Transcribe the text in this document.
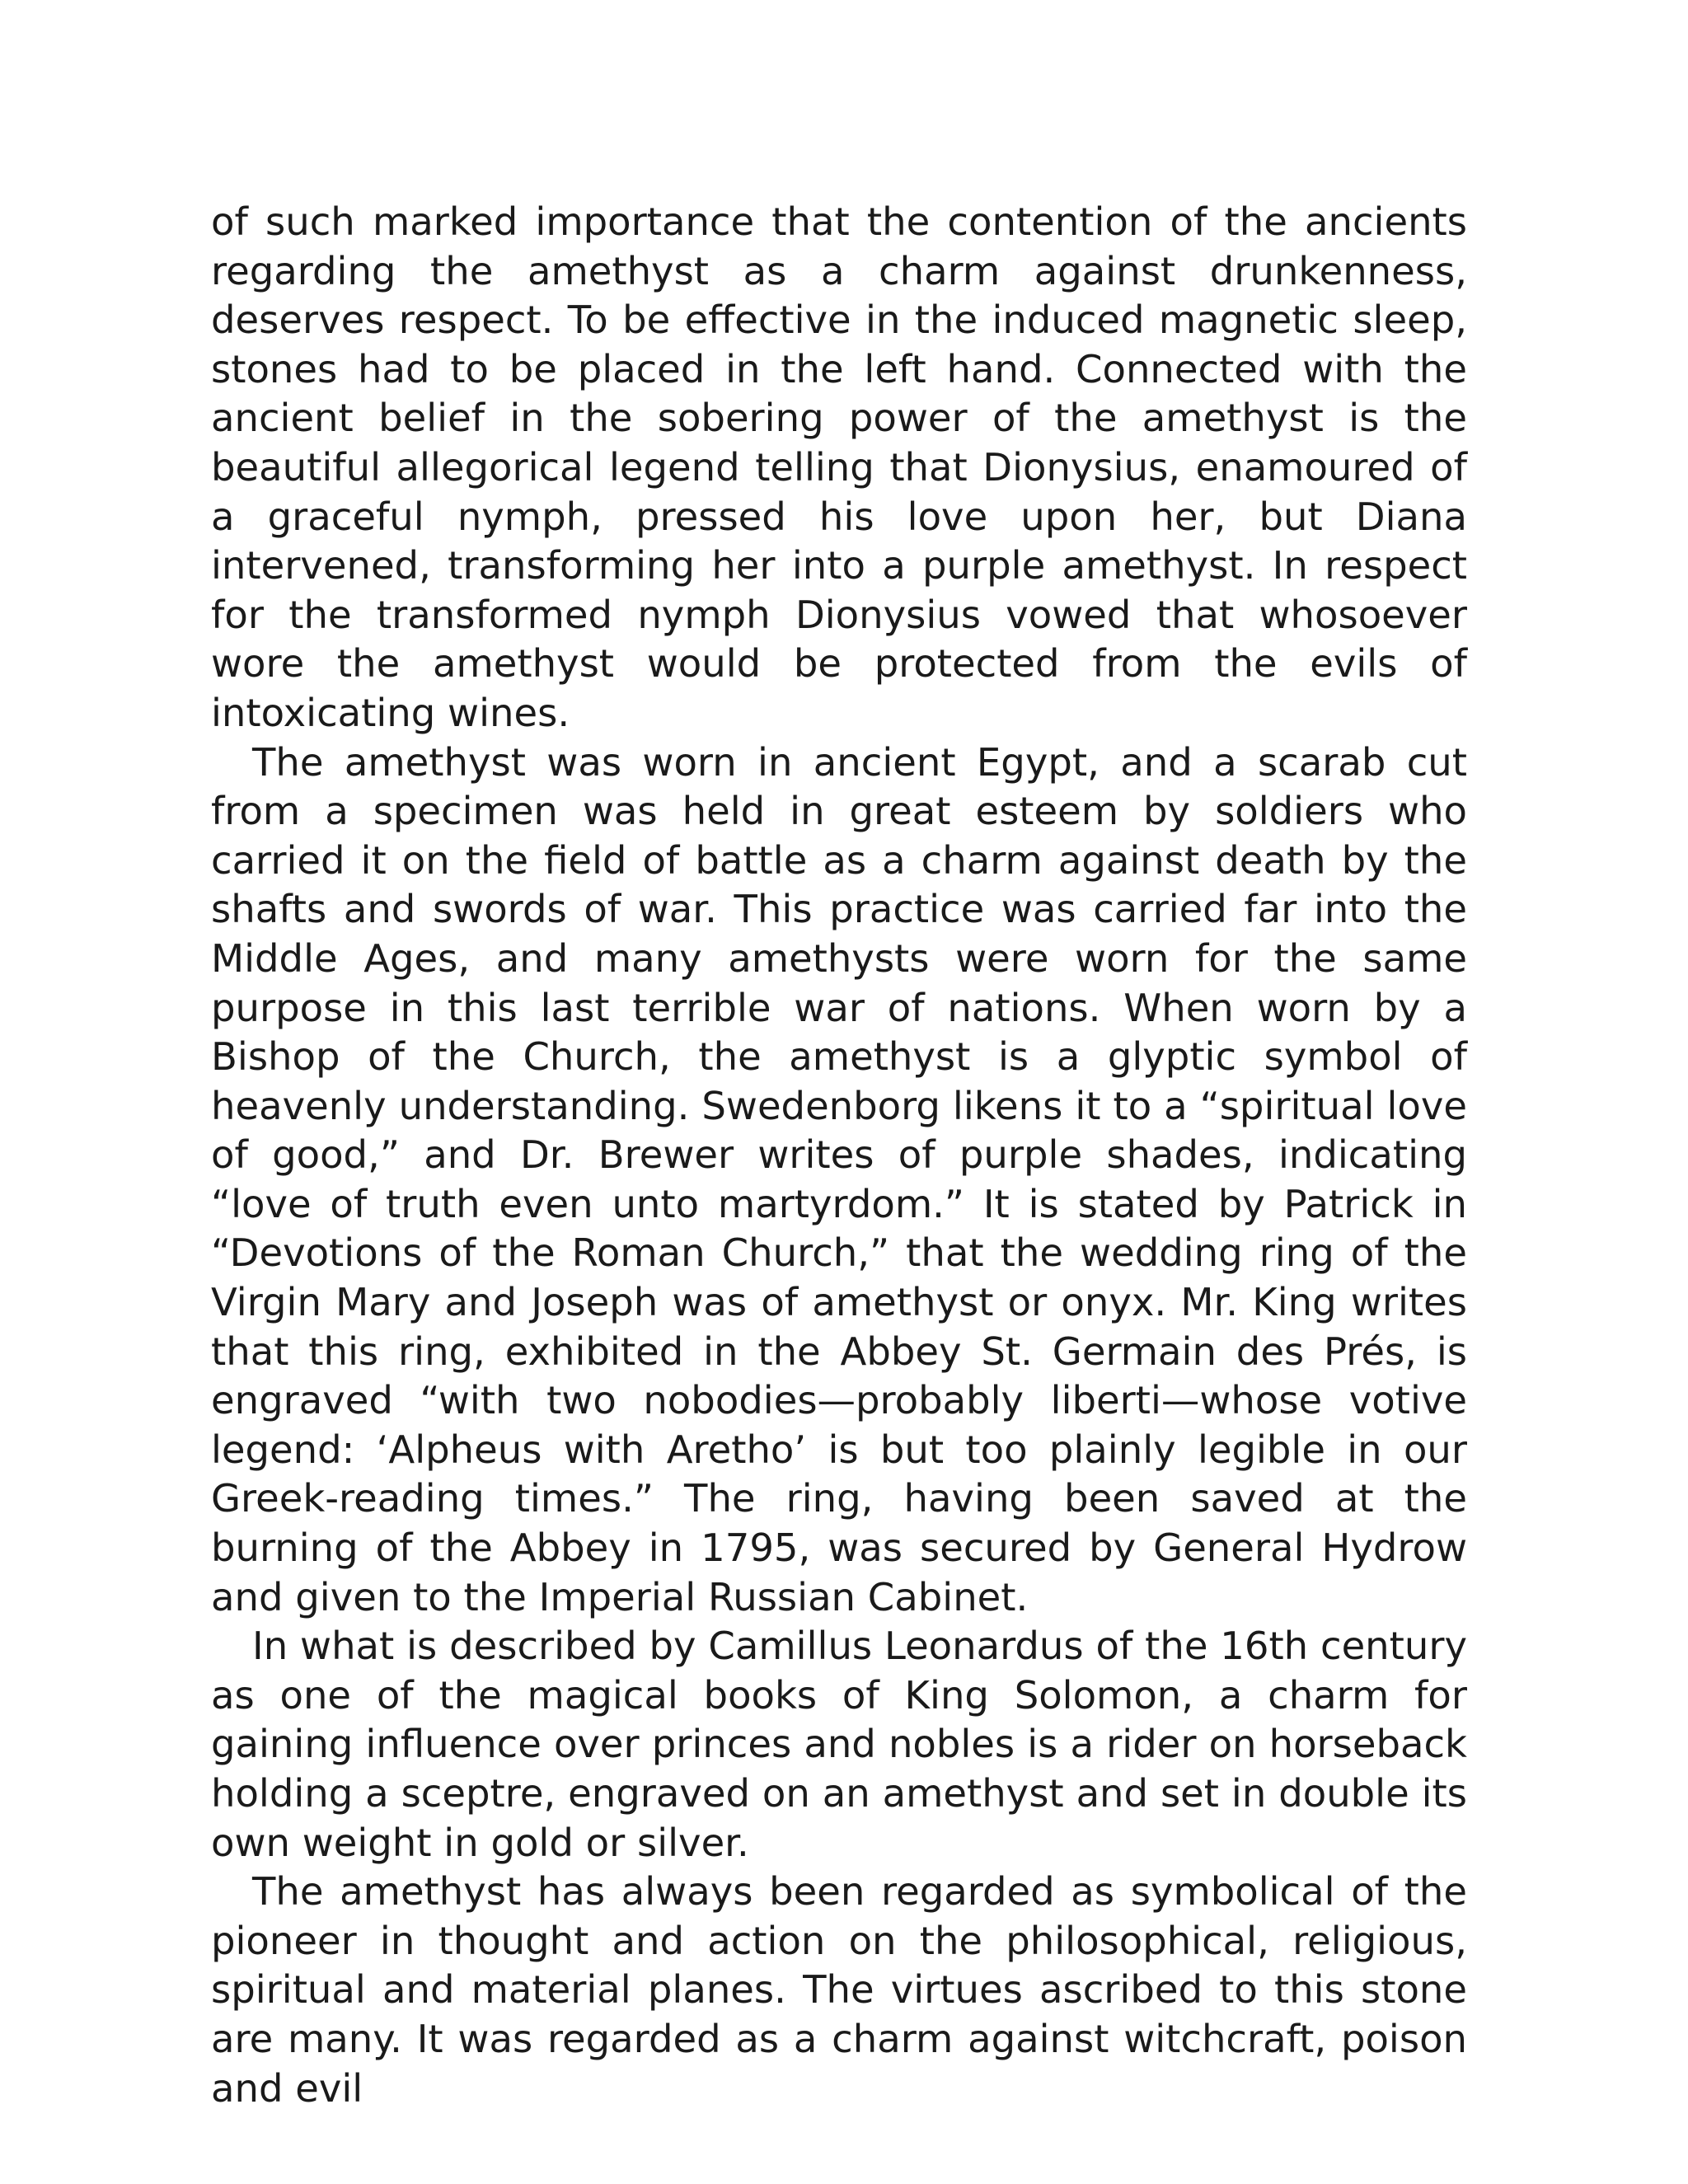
of such marked importance that the contention of the ancients regarding the amethyst as a charm against drunkenness, deserves respect. To be effective in the induced magnetic sleep, stones had to be placed in the left hand. Connected with the ancient belief in the sobering power of the amethyst is the beautiful allegorical legend telling that Dionysius, enamoured of a graceful nymph, pressed his love upon her, but Diana intervened, transforming her into a purple amethyst. In respect for the transformed nymph Dionysius vowed that whosoever wore the amethyst would be protected from the evils of intoxicating wines.

The amethyst was worn in ancient Egypt, and a scarab cut from a specimen was held in great esteem by soldiers who carried it on the field of battle as a charm against death by the shafts and swords of war. This practice was carried far into the Middle Ages, and many amethysts were worn for the same purpose in this last terrible war of nations. When worn by a Bishop of the Church, the amethyst is a glyptic symbol of heavenly understanding. Swedenborg likens it to a “spiritual love of good,” and Dr. Brewer writes of purple shades, indicating “love of truth even unto martyrdom.” It is stated by Patrick in “Devotions of the Roman Church,” that the wedding ring of the Virgin Mary and Joseph was of amethyst or onyx. Mr. King writes that this ring, exhibited in the Abbey St. Germain des Prés, is engraved “with two nobodies—probably liberti—whose votive legend: ‘Alpheus with Aretho’ is but too plainly legible in our Greek-reading times.” The ring, having been saved at the burning of the Abbey in 1795, was secured by General Hydrow and given to the Imperial Russian Cabinet.

In what is described by Camillus Leonardus of the 16th century as one of the magical books of King Solomon, a charm for gaining influence over princes and nobles is a rider on horseback holding a sceptre, engraved on an amethyst and set in double its own weight in gold or silver.

The amethyst has always been regarded as symbolical of the pioneer in thought and action on the philosophical, religious, spiritual and material planes. The virtues ascribed to this stone are many. It was regarded as a charm against witchcraft, poison and evil
